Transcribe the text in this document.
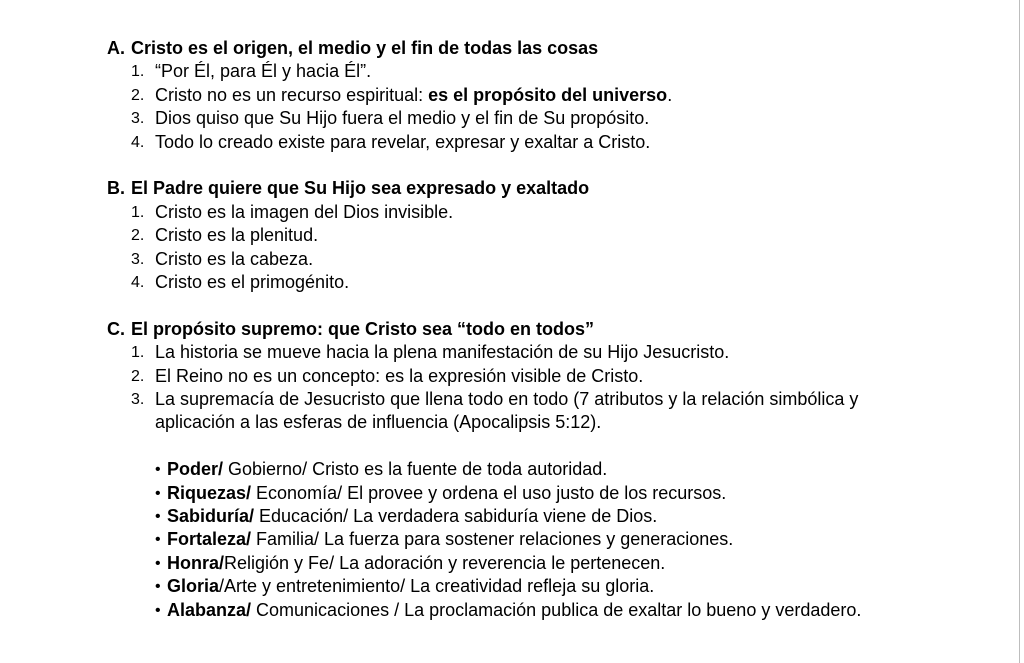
A. Cristo es el origen, el medio y el fin de todas las cosas
1. “Por Él, para Él y hacia Él”.
2. Cristo no es un recurso espiritual: es el propósito del universo.
3. Dios quiso que Su Hijo fuera el medio y el fin de Su propósito.
4. Todo lo creado existe para revelar, expresar y exaltar a Cristo.
B. El Padre quiere que Su Hijo sea expresado y exaltado
1. Cristo es la imagen del Dios invisible.
2. Cristo es la plenitud.
3. Cristo es la cabeza.
4. Cristo es el primogénito.
C. El propósito supremo: que Cristo sea “todo en todos”
1. La historia se mueve hacia la plena manifestación de su Hijo Jesucristo.
2. El Reino no es un concepto: es la expresión visible de Cristo.
3. La supremacía de Jesucristo que llena todo en todo (7 atributos y la relación simbólica y aplicación a las esferas de influencia (Apocalipsis 5:12).
• Poder/ Gobierno/ Cristo es la fuente de toda autoridad.
• Riquezas/ Economía/ El provee y ordena el uso justo de los recursos.
• Sabiduría/ Educación/ La verdadera sabiduría viene de Dios.
• Fortaleza/ Familia/ La fuerza para sostener relaciones y generaciones.
• Honra/Religión y Fe/ La adoración y reverencia le pertenecen.
• Gloria/Arte y entretenimiento/ La creatividad refleja su gloria.
• Alabanza/ Comunicaciones / La proclamación publica de exaltar lo bueno y verdadero.
